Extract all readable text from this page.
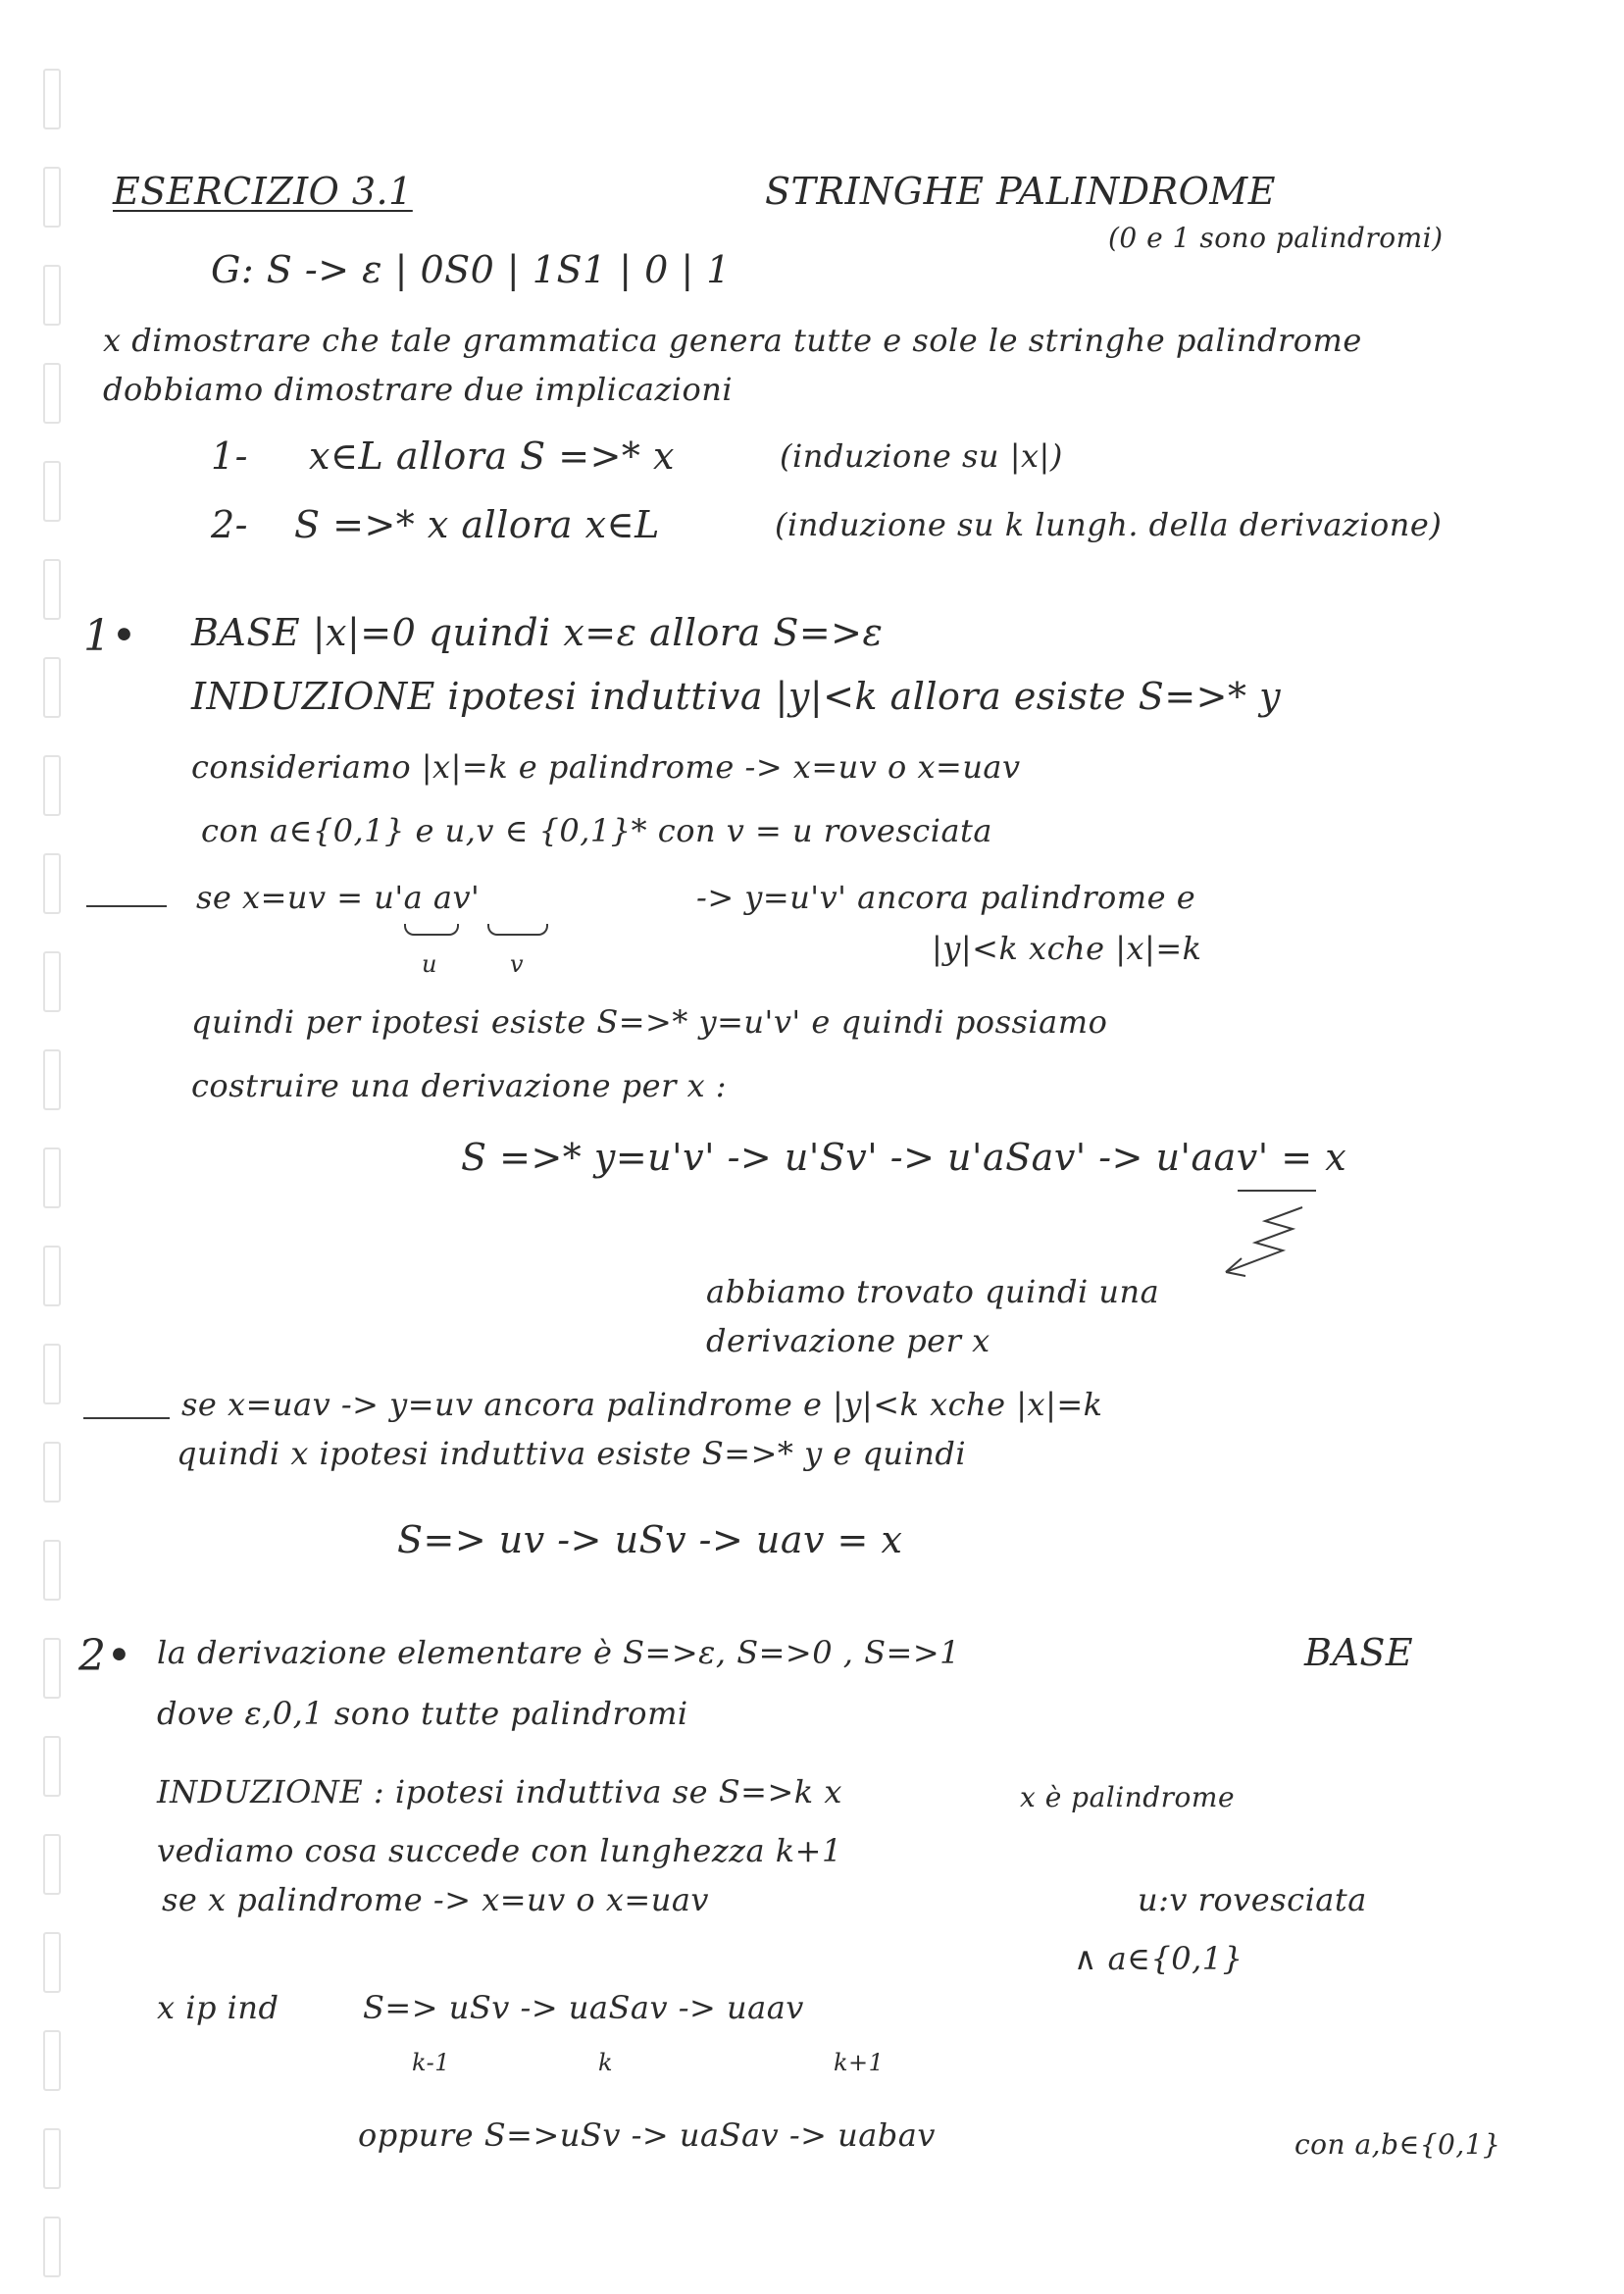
ESERCIZIO 3.1	STRINGHE PALINDROME
(0 e 1 sono palindromi)
G: S -> ε | 0S0 | 1S1 | 0 | 1
x dimostrare che tale grammatica genera tutte e sole le stringhe palindrome
dobbiamo dimostrare due implicazioni
1- x∈L allora S =>* x	(induzione su |x|)
2- S =>* x allora x∈L	(induzione su k lungh. della derivazione)
1• BASE |x|=0 quindi x=ε allora S=>ε
INDUZIONE ipotesi induttiva |y|<k allora esiste S=>* y
consideriamo |x|=k e palindrome -> x=uv o x=uav
con a∈{0,1} e u,v ∈ {0,1}* con v = u rovesciata
se x=uv = u'a av'	-> y=u'v' ancora palindrome e
|y|<k xche |x|=k
u	v
quindi per ipotesi esiste S=>* y=u'v' e quindi possiamo
costruire una derivazione per x :
S =>* y=u'v' -> u'Sv' -> u'aSav' -> u'aav' = x
abbiamo trovato quindi una
derivazione per x
se x=uav -> y=uv ancora palindrome e |y|<k xche |x|=k
quindi x ipotesi induttiva esiste S=>* y e quindi
S=> uv -> uSv -> uav = x
2• la derivazione elementare è S=>ε, S=>0 , S=>1	BASE
dove ε,0,1 sono tutte palindromi
INDUZIONE : ipotesi induttiva se S=>k x	x è palindrome
vediamo cosa succede con lunghezza k+1
se x palindrome -> x=uv o x=uav	u:v rovesciata
∧ a∈{0,1}
x ip ind	S=> uSv -> uaSav -> uaav
k-1	k	k+1
oppure S=>uSv -> uaSav -> uabav	con a,b∈{0,1}
